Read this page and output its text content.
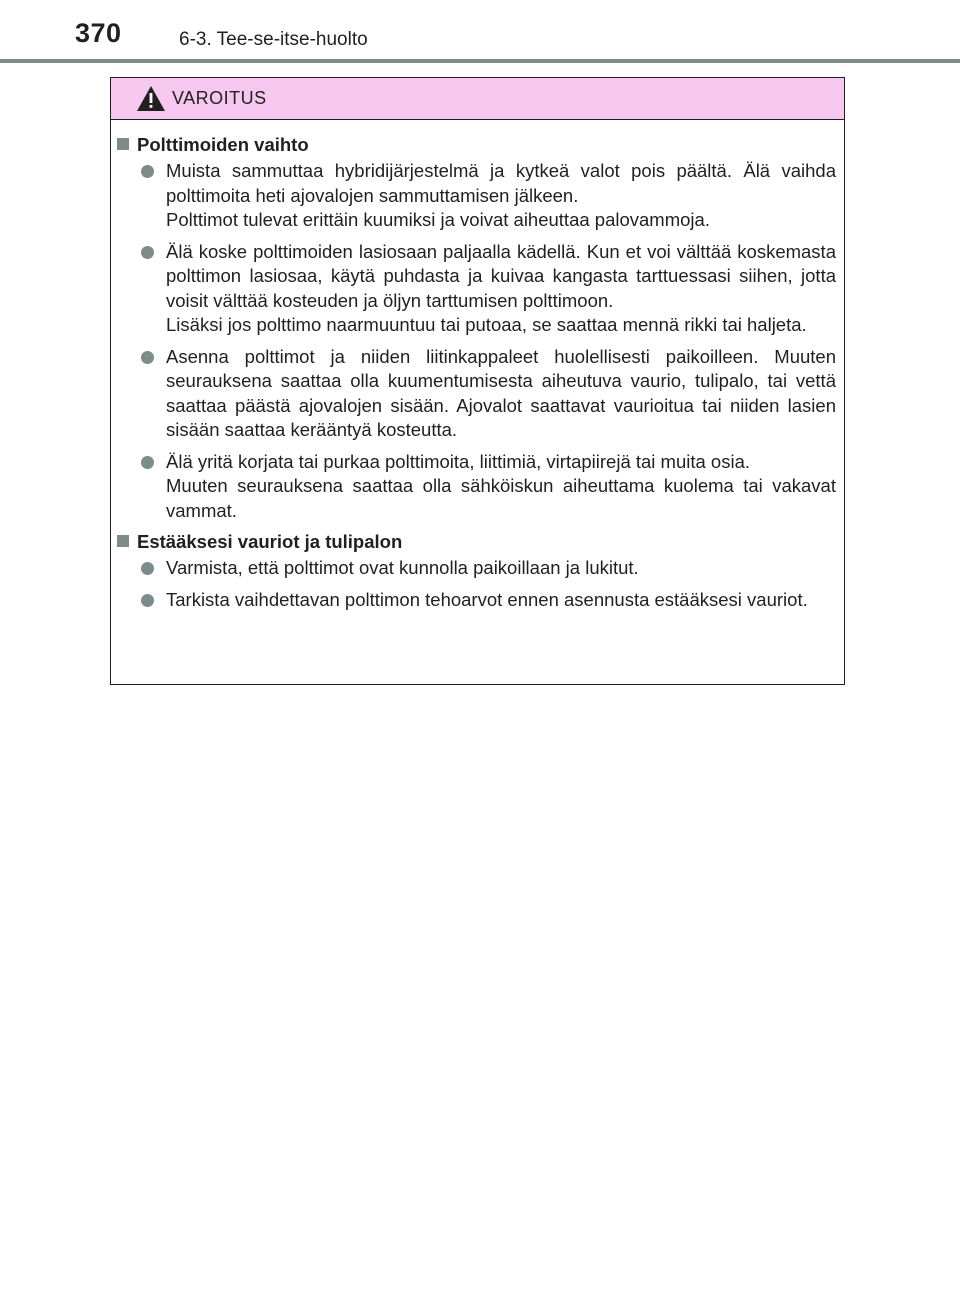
370	6-3. Tee-se-itse-huolto
VAROITUS
Polttimoiden vaihto

Muista sammuttaa hybridijärjestelmä ja kytkeä valot pois päältä. Älä vaihda polttimoita heti ajovalojen sammuttamisen jälkeen.

Polttimot tulevat erittäin kuumiksi ja voivat aiheuttaa palovammoja.

Älä koske polttimoiden lasiosaan paljaalla kädellä. Kun et voi välttää koskemasta polttimon lasiosaa, käytä puhdasta ja kuivaa kangasta tarttuessasi siihen, jotta voisit välttää kosteuden ja öljyn tarttumisen polttimoon.

Lisäksi jos polttimo naarmuuntuu tai putoaa, se saattaa mennä rikki tai haljeta.

Asenna polttimot ja niiden liitinkappaleet huolellisesti paikoilleen. Muuten seurauksena saattaa olla kuumentumisesta aiheutuva vaurio, tulipalo, tai vettä saattaa päästä ajovalojen sisään. Ajovalot saattavat vaurioitua tai niiden lasien sisään saattaa kerääntyä kosteutta.

Älä yritä korjata tai purkaa polttimoita, liittimiä, virtapiirejä tai muita osia.

Muuten seurauksena saattaa olla sähköiskun aiheuttama kuolema tai vakavat vammat.

Estääksesi vauriot ja tulipalon

Varmista, että polttimot ovat kunnolla paikoillaan ja lukitut.

Tarkista vaihdettavan polttimon tehoarvot ennen asennusta estääksesi vauriot.
